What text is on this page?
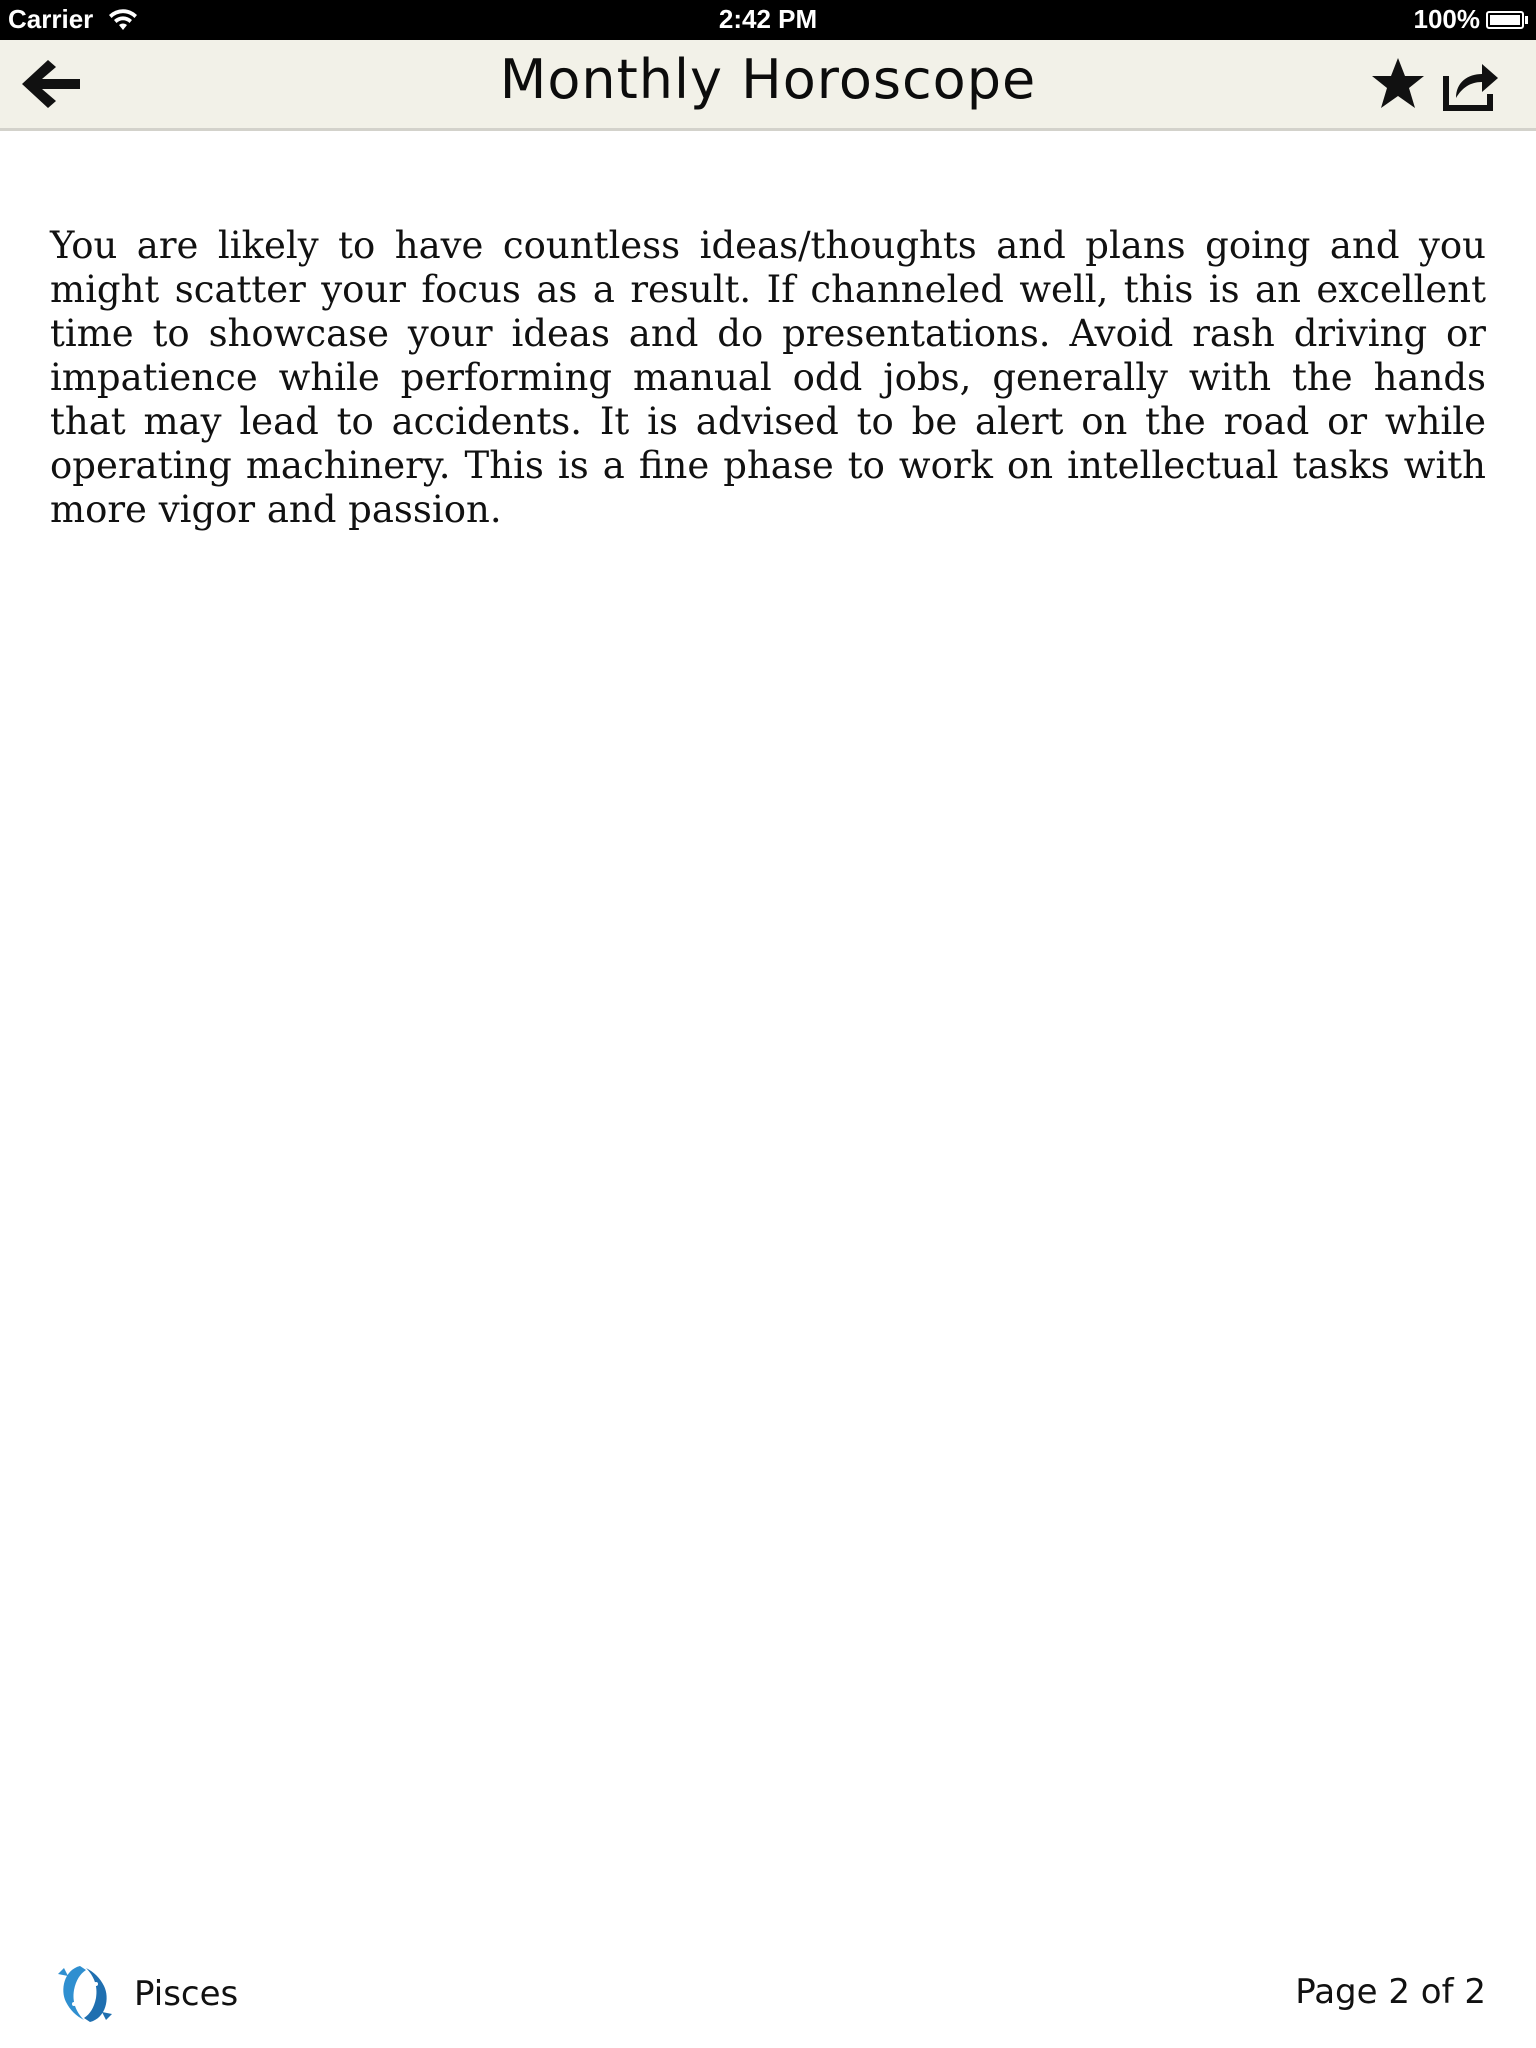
Carrier	2:42 PM	100%
Monthly Horoscope

You are likely to have countless ideas/thoughts and plans going and you might scatter your focus as a result. If channeled well, this is an excellent time to showcase your ideas and do presentations. Avoid rash driving or impatience while performing manual odd jobs, generally with the hands that may lead to accidents. It is advised to be alert on the road or while operating machinery. This is a fine phase to work on intellectual tasks with more vigor and passion.

Pisces	Page 2 of 2
